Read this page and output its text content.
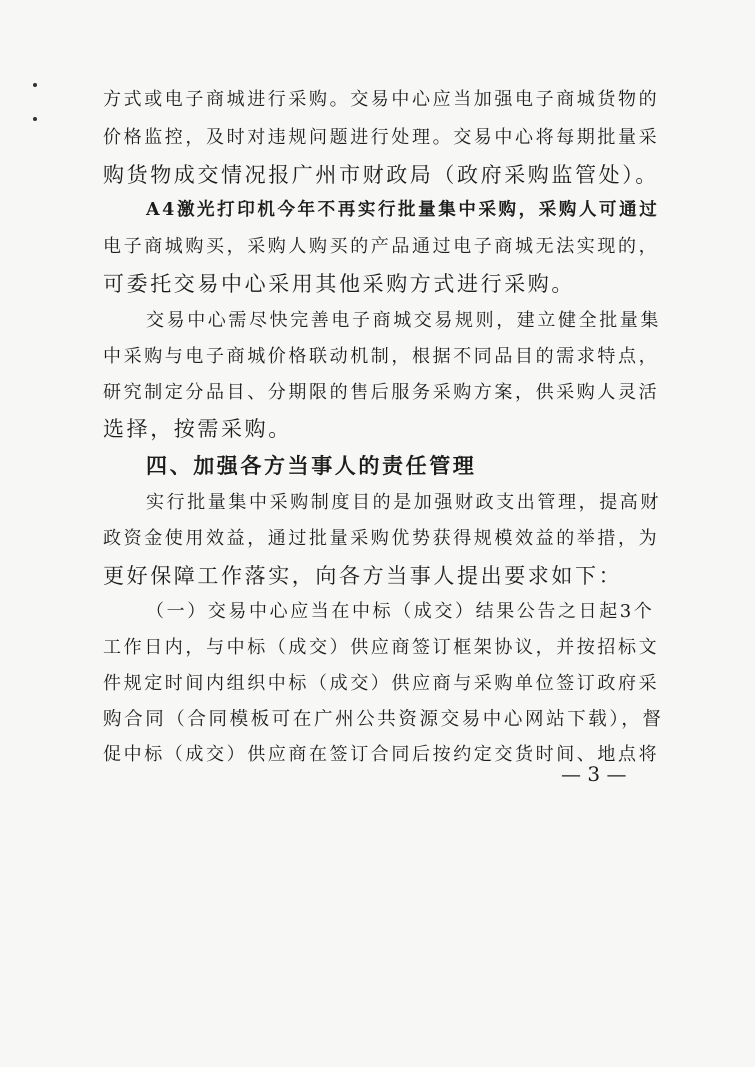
方式或电子商城进行采购。交易中心应当加强电子商城货物的

价格监控，及时对违规问题进行处理。交易中心将每期批量采

购货物成交情况报广州市财政局（政府采购监管处）。

A4激光打印机今年不再实行批量集中采购，采购人可通过

电子商城购买，采购人购买的产品通过电子商城无法实现的，

可委托交易中心采用其他采购方式进行采购。

交易中心需尽快完善电子商城交易规则，建立健全批量集

中采购与电子商城价格联动机制，根据不同品目的需求特点，

研究制定分品目、分期限的售后服务采购方案，供采购人灵活

选择，按需采购。

四、加强各方当事人的责任管理

实行批量集中采购制度目的是加强财政支出管理，提高财

政资金使用效益，通过批量采购优势获得规模效益的举措，为

更好保障工作落实，向各方当事人提出要求如下：

（一）交易中心应当在中标（成交）结果公告之日起3个

工作日内，与中标（成交）供应商签订框架协议，并按招标文

件规定时间内组织中标（成交）供应商与采购单位签订政府采

购合同（合同模板可在广州公共资源交易中心网站下载），督

促中标（成交）供应商在签订合同后按约定交货时间、地点将

— 3 —
